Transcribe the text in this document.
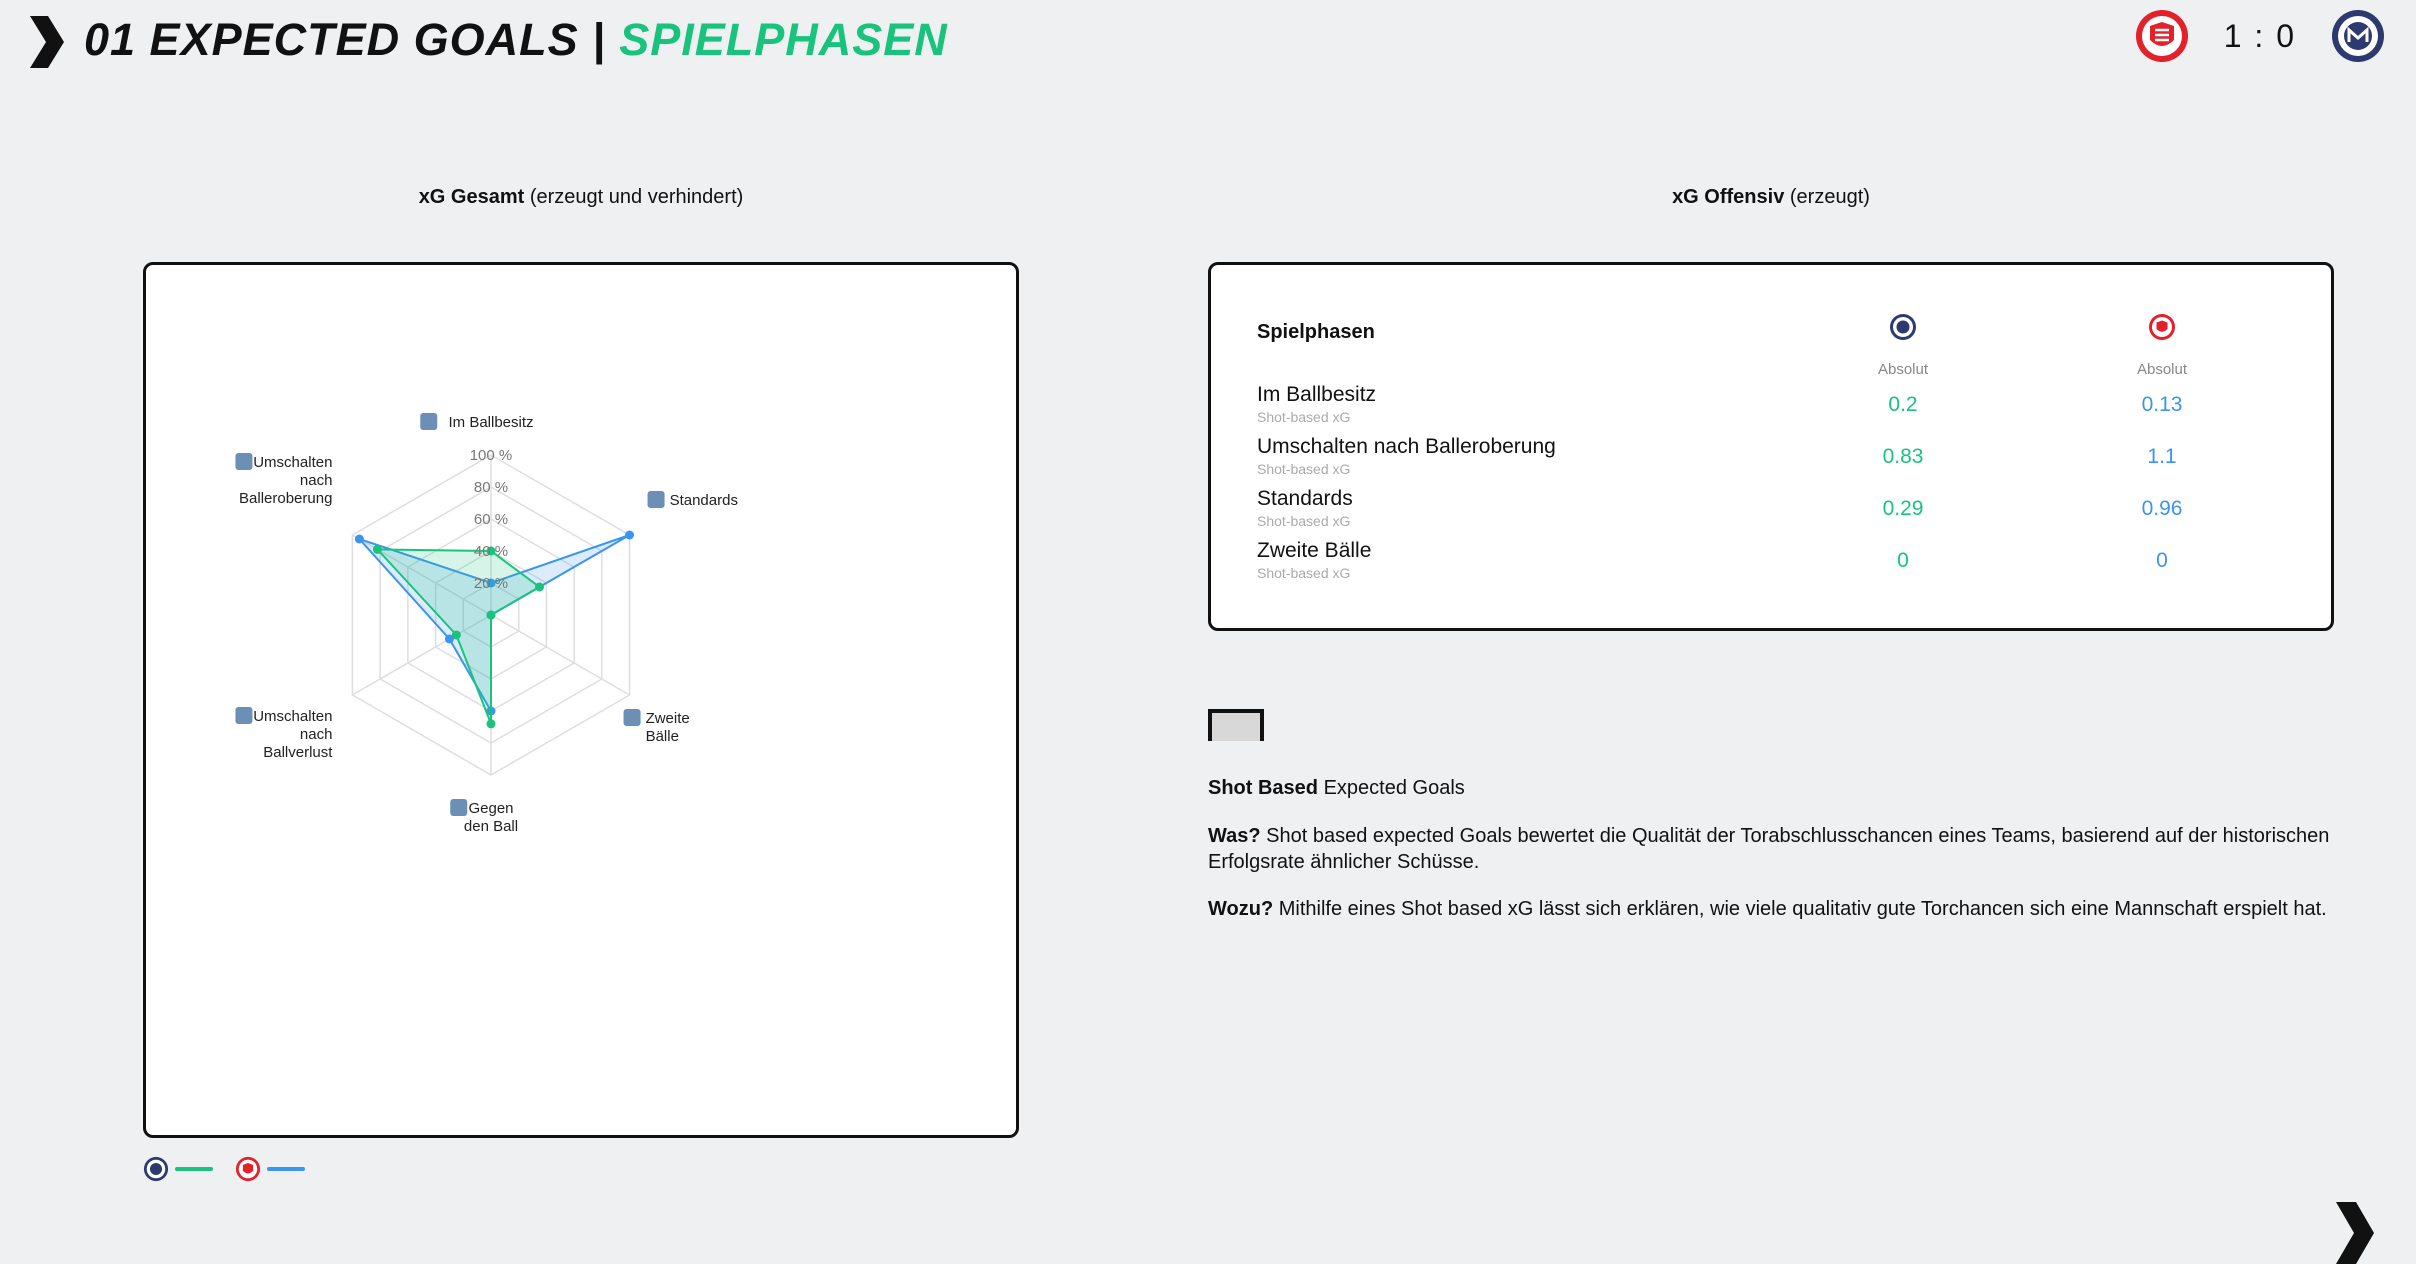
01 EXPECTED GOALS | SPIELPHASEN	1 : 0
xG Gesamt (erzeugt und verhindert)	xG Offensiv (erzeugt)
20 %
40 %
60 %
80 %
100 %
Im Ballbesitz
Standards
Zweite
Bälle
Gegen
den Ball
Umschalten
nach
Ballverlust
Umschalten
nach
Balleroberung
Spielphasen
Absolut	Absolut
Im Ballbesitz
Shot-based xG
0.2	0.13
Umschalten nach Balleroberung
Shot-based xG
0.83	1.1
Standards
Shot-based xG
0.29	0.96
Zweite Bälle
Shot-based xG
0	0
Shot Based Expected Goals
Was? Shot based expected Goals bewertet die Qualität der Torabschlusschancen eines Teams, basierend auf der historischen Erfolgsrate ähnlicher Schüsse.
Wozu? Mithilfe eines Shot based xG lässt sich erklären, wie viele qualitativ gute Torchancen sich eine Mannschaft erspielt hat.
